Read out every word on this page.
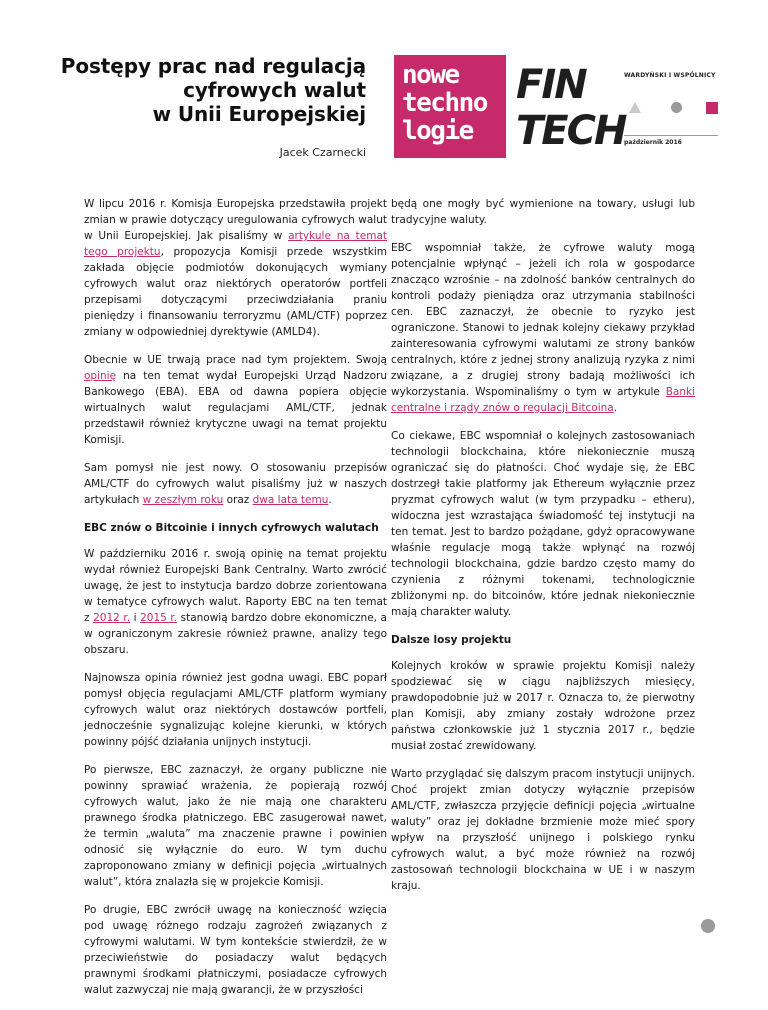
Postępy prac nad regulacją
cyfrowych walut
w Unii Europejskiej
Jacek Czarnecki
nowe
techno
logie
FIN
TECH
WARDYŃSKI I WSPÓLNICY
październik 2016

W lipcu 2016 r. Komisja Europejska przedstawiła projekt zmian w prawie dotyczący uregulowania cyfrowych walut w Unii Europejskiej. Jak pisaliśmy w artykule na temat tego projektu, propozycja Komisji przede wszystkim zakłada objęcie podmiotów dokonujących wymiany cyfrowych walut oraz niektórych operatorów portfeli przepisami dotyczącymi przeciwdziałania praniu pieniędzy i finansowaniu terroryzmu (AML/CTF) poprzez zmiany w odpowiedniej dyrektywie (AMLD4).

Obecnie w UE trwają prace nad tym projektem. Swoją opinię na ten temat wydał Europejski Urząd Nadzoru Bankowego (EBA). EBA od dawna popiera objęcie wirtualnych walut regulacjami AML/CTF, jednak przedstawił również krytyczne uwagi na temat projektu Komisji.

Sam pomysł nie jest nowy. O stosowaniu przepisów AML/CTF do cyfrowych walut pisaliśmy już w naszych artykułach w zeszłym roku oraz dwa lata temu.

EBC znów o Bitcoinie i innych cyfrowych walutach

W październiku 2016 r. swoją opinię na temat projektu wydał również Europejski Bank Centralny. Warto zwrócić uwagę, że jest to instytucja bardzo dobrze zorientowana w tematyce cyfrowych walut. Raporty EBC na ten temat z 2012 r. i 2015 r. stanowią bardzo dobre ekonomiczne, a w ograniczonym zakresie również prawne, analizy tego obszaru.

Najnowsza opinia również jest godna uwagi. EBC poparł pomysł objęcia regulacjami AML/CTF platform wymiany cyfrowych walut oraz niektórych dostawców portfeli, jednocześnie sygnalizując kolejne kierunki, w których powinny pójść działania unijnych instytucji.

Po pierwsze, EBC zaznaczył, że organy publiczne nie powinny sprawiać wrażenia, że popierają rozwój cyfrowych walut, jako że nie mają one charakteru prawnego środka płatniczego. EBC zasugerował nawet, że termin „waluta” ma znaczenie prawne i powinien odnosić się wyłącznie do euro. W tym duchu zaproponowano zmiany w definicji pojęcia „wirtualnych walut”, która znalazła się w projekcie Komisji.

Po drugie, EBC zwrócił uwagę na konieczność wzięcia pod uwagę różnego rodzaju zagrożeń związanych z cyfrowymi walutami. W tym kontekście stwierdził, że w przeciwieństwie do posiadaczy walut będących prawnymi środkami płatniczymi, posiadacze cyfrowych walut zazwyczaj nie mają gwarancji, że w przyszłości

będą one mogły być wymienione na towary, usługi lub tradycyjne waluty.

EBC wspomniał także, że cyfrowe waluty mogą potencjalnie wpłynąć – jeżeli ich rola w gospodarce znacząco wzrośnie – na zdolność banków centralnych do kontroli podaży pieniądza oraz utrzymania stabilności cen. EBC zaznaczył, że obecnie to ryzyko jest ograniczone. Stanowi to jednak kolejny ciekawy przykład zainteresowania cyfrowymi walutami ze strony banków centralnych, które z jednej strony analizują ryzyka z nimi związane, a z drugiej strony badają możliwości ich wykorzystania. Wspominaliśmy o tym w artykule Banki centralne i rządy znów o regulacji Bitcoina.

Co ciekawe, EBC wspomniał o kolejnych zastosowaniach technologii blockchaina, które niekoniecznie muszą ograniczać się do płatności. Choć wydaje się, że EBC dostrzegł takie platformy jak Ethereum wyłącznie przez pryzmat cyfrowych walut (w tym przypadku – etheru), widoczna jest wzrastająca świadomość tej instytucji na ten temat. Jest to bardzo pożądane, gdyż opracowywane właśnie regulacje mogą także wpłynąć na rozwój technologii blockchaina, gdzie bardzo często mamy do czynienia z różnymi tokenami, technologicznie zbliżonymi np. do bitcoinów, które jednak niekoniecznie mają charakter waluty.

Dalsze losy projektu

Kolejnych kroków w sprawie projektu Komisji należy spodziewać się w ciągu najbliższych miesięcy, prawdopodobnie już w 2017 r. Oznacza to, że pierwotny plan Komisji, aby zmiany zostały wdrożone przez państwa członkowskie już 1 stycznia 2017 r., będzie musiał zostać zrewidowany.

Warto przyglądać się dalszym pracom instytucji unijnych. Choć projekt zmian dotyczy wyłącznie przepisów AML/CTF, zwłaszcza przyjęcie definicji pojęcia „wirtualne waluty” oraz jej dokładne brzmienie może mieć spory wpływ na przyszłość unijnego i polskiego rynku cyfrowych walut, a być może również na rozwój zastosowań technologii blockchaina w UE i w naszym kraju.
